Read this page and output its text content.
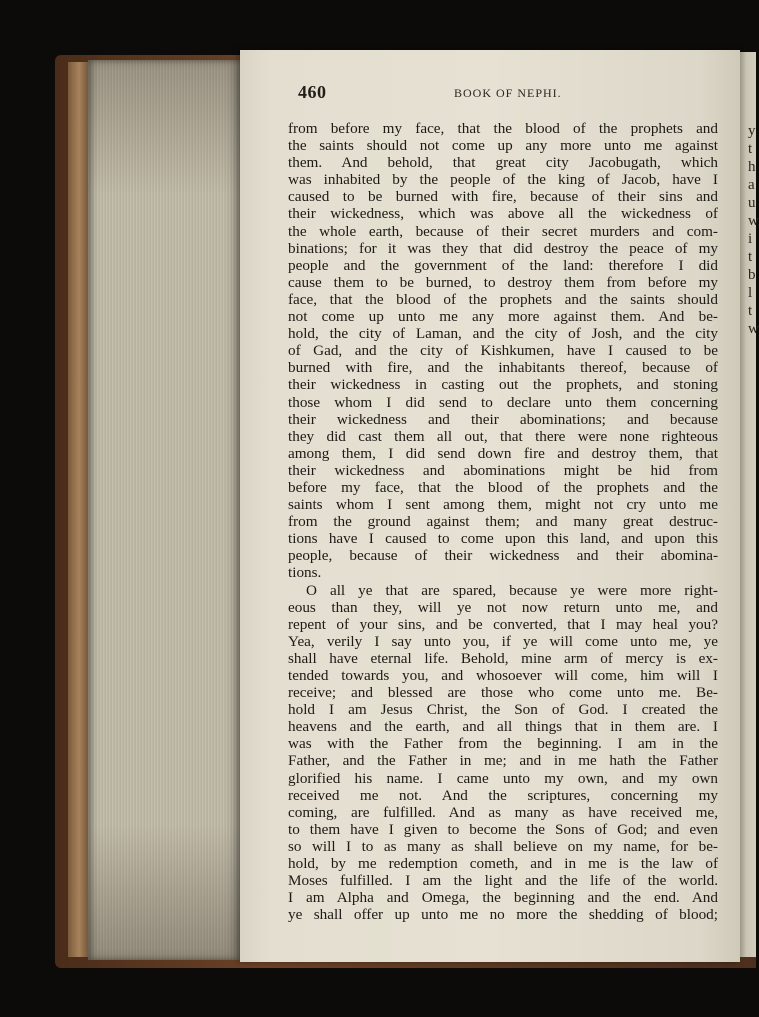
y
t
h
a
u
w
i
t
b
l
t
w
460	BOOK OF NEPHI.
from before my face, that the blood of the prophets and
the saints should not come up any more unto me against
them. And behold, that great city Jacobugath, which
was inhabited by the people of the king of Jacob, have I
caused to be burned with fire, because of their sins and
their wickedness, which was above all the wickedness of
the whole earth, because of their secret murders and com-
binations; for it was they that did destroy the peace of my
people and the government of the land: therefore I did
cause them to be burned, to destroy them from before my
face, that the blood of the prophets and the saints should
not come up unto me any more against them. And be-
hold, the city of Laman, and the city of Josh, and the city
of Gad, and the city of Kishkumen, have I caused to be
burned with fire, and the inhabitants thereof, because of
their wickedness in casting out the prophets, and stoning
those whom I did send to declare unto them concerning
their wickedness and their abominations; and because
they did cast them all out, that there were none righteous
among them, I did send down fire and destroy them, that
their wickedness and abominations might be hid from
before my face, that the blood of the prophets and the
saints whom I sent among them, might not cry unto me
from the ground against them; and many great destruc-
tions have I caused to come upon this land, and upon this
people, because of their wickedness and their abomina-
tions.
O all ye that are spared, because ye were more right-
eous than they, will ye not now return unto me, and
repent of your sins, and be converted, that I may heal you?
Yea, verily I say unto you, if ye will come unto me, ye
shall have eternal life. Behold, mine arm of mercy is ex-
tended towards you, and whosoever will come, him will I
receive; and blessed are those who come unto me. Be-
hold I am Jesus Christ, the Son of God. I created the
heavens and the earth, and all things that in them are. I
was with the Father from the beginning. I am in the
Father, and the Father in me; and in me hath the Father
glorified his name. I came unto my own, and my own
received me not. And the scriptures, concerning my
coming, are fulfilled. And as many as have received me,
to them have I given to become the Sons of God; and even
so will I to as many as shall believe on my name, for be-
hold, by me redemption cometh, and in me is the law of
Moses fulfilled. I am the light and the life of the world.
I am Alpha and Omega, the beginning and the end. And
ye shall offer up unto me no more the shedding of blood;
